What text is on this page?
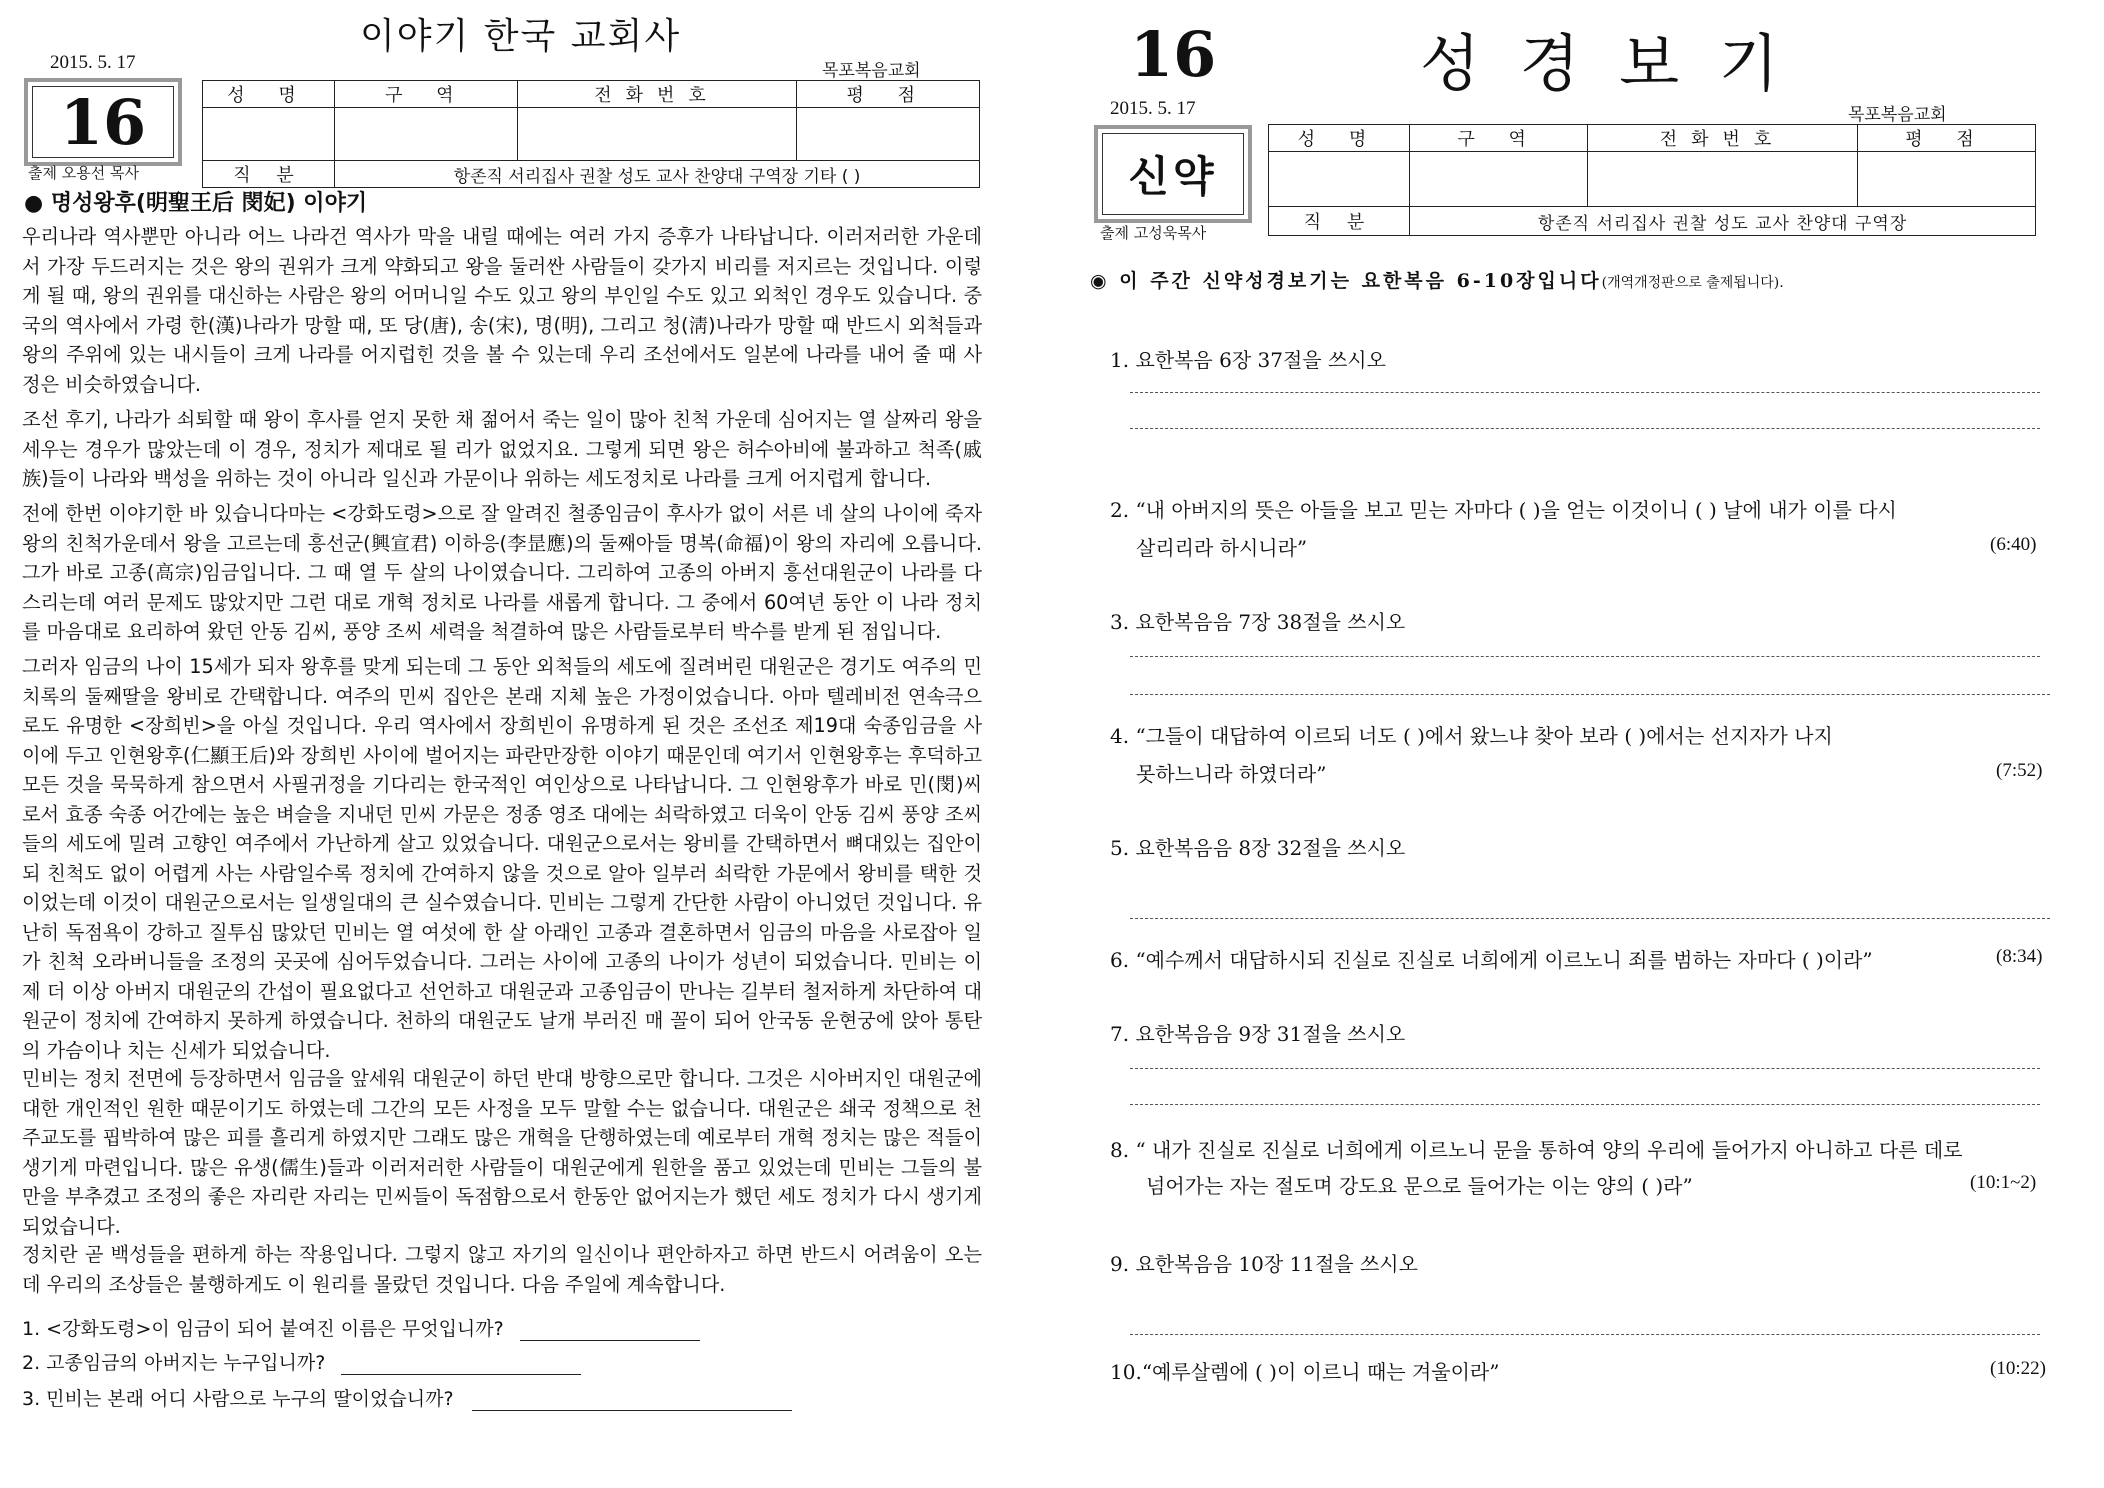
이야기 한국 교회사
2015. 5. 17	목포복음교회
16
출제 오용선 목사
성 명	구 역	전화번호	평 점

직 분	항존직 서리집사 권찰 성도 교사 찬양대 구역장 기타 ( )		
● 명성왕후(明聖王后 閔妃) 이야기

우리나라 역사뿐만 아니라 어느 나라건 역사가 막을 내릴 때에는 여러 가지 증후가 나타납니다. 이러저러한 가운데서 가장 두드러지는 것은 왕의 권위가 크게 약화되고 왕을 둘러싼 사람들이 갖가지 비리를 저지르는 것입니다. 이렇게 될 때, 왕의 권위를 대신하는 사람은 왕의 어머니일 수도 있고 왕의 부인일 수도 있고 외척인 경우도 있습니다. 중국의 역사에서 가령 한(漢)나라가 망할 때, 또 당(唐), 송(宋), 명(明), 그리고 청(淸)나라가 망할 때 반드시 외척들과 왕의 주위에 있는 내시들이 크게 나라를 어지럽힌 것을 볼 수 있는데 우리 조선에서도 일본에 나라를 내어 줄 때 사정은 비슷하였습니다.

조선 후기, 나라가 쇠퇴할 때 왕이 후사를 얻지 못한 채 젊어서 죽는 일이 많아 친척 가운데 심어지는 열 살짜리 왕을 세우는 경우가 많았는데 이 경우, 정치가 제대로 될 리가 없었지요. 그렇게 되면 왕은 허수아비에 불과하고 척족(戚族)들이 나라와 백성을 위하는 것이 아니라 일신과 가문이나 위하는 세도정치로 나라를 크게 어지럽게 합니다.

전에 한번 이야기한 바 있습니다마는 <강화도령>으로 잘 알려진 철종임금이 후사가 없이 서른 네 살의 나이에 죽자 왕의 친척가운데서 왕을 고르는데 흥선군(興宣君) 이하응(李昰應)의 둘째아들 명복(命福)이 왕의 자리에 오릅니다. 그가 바로 고종(高宗)임금입니다. 그 때 열 두 살의 나이였습니다. 그리하여 고종의 아버지 흥선대원군이 나라를 다스리는데 여러 문제도 많았지만 그런 대로 개혁 정치로 나라를 새롭게 합니다. 그 중에서 60여년 동안 이 나라 정치를 마음대로 요리하여 왔던 안동 김씨, 풍양 조씨 세력을 척결하여 많은 사람들로부터 박수를 받게 된 점입니다.

그러자 임금의 나이 15세가 되자 왕후를 맞게 되는데 그 동안 외척들의 세도에 질려버린 대원군은 경기도 여주의 민치록의 둘째딸을 왕비로 간택합니다. 여주의 민씨 집안은 본래 지체 높은 가정이었습니다. 아마 텔레비전 연속극으로도 유명한 <장희빈>을 아실 것입니다. 우리 역사에서 장희빈이 유명하게 된 것은 조선조 제19대 숙종임금을 사이에 두고 인현왕후(仁顯王后)와 장희빈 사이에 벌어지는 파란만장한 이야기 때문인데 여기서 인현왕후는 후덕하고 모든 것을 묵묵하게 참으면서 사필귀정을 기다리는 한국적인 여인상으로 나타납니다. 그 인현왕후가 바로 민(閔)씨로서 효종 숙종 어간에는 높은 벼슬을 지내던 민씨 가문은 정종 영조 대에는 쇠락하였고 더욱이 안동 김씨 풍양 조씨들의 세도에 밀려 고향인 여주에서 가난하게 살고 있었습니다. 대원군으로서는 왕비를 간택하면서 뼈대있는 집안이되 친척도 없이 어렵게 사는 사람일수록 정치에 간여하지 않을 것으로 알아 일부러 쇠락한 가문에서 왕비를 택한 것이었는데 이것이 대원군으로서는 일생일대의 큰 실수였습니다. 민비는 그렇게 간단한 사람이 아니었던 것입니다. 유난히 독점욕이 강하고 질투심 많았던 민비는 열 여섯에 한 살 아래인 고종과 결혼하면서 임금의 마음을 사로잡아 일가 친척 오라버니들을 조정의 곳곳에 심어두었습니다. 그러는 사이에 고종의 나이가 성년이 되었습니다. 민비는 이제 더 이상 아버지 대원군의 간섭이 필요없다고 선언하고 대원군과 고종임금이 만나는 길부터 철저하게 차단하여 대원군이 정치에 간여하지 못하게 하였습니다. 천하의 대원군도 날개 부러진 매 꼴이 되어 안국동 운현궁에 앉아 통탄의 가슴이나 치는 신세가 되었습니다.

민비는 정치 전면에 등장하면서 임금을 앞세워 대원군이 하던 반대 방향으로만 합니다. 그것은 시아버지인 대원군에 대한 개인적인 원한 때문이기도 하였는데 그간의 모든 사정을 모두 말할 수는 없습니다. 대원군은 쇄국 정책으로 천주교도를 핍박하여 많은 피를 흘리게 하였지만 그래도 많은 개혁을 단행하였는데 예로부터 개혁 정치는 많은 적들이 생기게 마련입니다. 많은 유생(儒生)들과 이러저러한 사람들이 대원군에게 원한을 품고 있었는데 민비는 그들의 불만을 부추겼고 조정의 좋은 자리란 자리는 민씨들이 독점함으로서 한동안 없어지는가 했던 세도 정치가 다시 생기게 되었습니다.

정치란 곧 백성들을 편하게 하는 작용입니다. 그렇지 않고 자기의 일신이나 편안하자고 하면 반드시 어려움이 오는데 우리의 조상들은 불행하게도 이 원리를 몰랐던 것입니다. 다음 주일에 계속합니다.

1. <강화도령>이 임금이 되어 붙여진 이름은 무엇입니까?
2. 고종임금의 아버지는 누구입니까?
3. 민비는 본래 어디 사람으로 누구의 딸이었습니까?
16	성 경 보 기
2015. 5. 17	목포복음교회
신약
출제 고성욱목사
성 명	구 역	전화번호	평 점

직 분	항존직 서리집사 권찰 성도 교사 찬양대 구역장		
◉ 이 주간 신약성경보기는 요한복음 6-10장입니다(개역개정판으로 출제됩니다).
1. 요한복음 6장 37절을 쓰시오
2. “내 아버지의 뜻은 아들을 보고 믿는 자마다 ( )을 얻는 이것이니 ( ) 날에 내가 이를 다시
살리리라 하시니라”	(6:40)
3. 요한복음음 7장 38절을 쓰시오
4. “그들이 대답하여 이르되 너도 ( )에서 왔느냐 찾아 보라 ( )에서는 선지자가 나지
못하느니라 하였더라”	(7:52)
5. 요한복음음 8장 32절을 쓰시오
6. “예수께서 대답하시되 진실로 진실로 너희에게 이르노니 죄를 범하는 자마다 ( )이라”	(8:34)
7. 요한복음음 9장 31절을 쓰시오
8. “ 내가 진실로 진실로 너희에게 이르노니 문을 통하여 양의 우리에 들어가지 아니하고 다른 데로
넘어가는 자는 절도며 강도요 문으로 들어가는 이는 양의 ( )라”	(10:1~2)
9. 요한복음음 10장 11절을 쓰시오
10.“예루살렘에 ( )이 이르니 때는 겨울이라”	(10:22)
